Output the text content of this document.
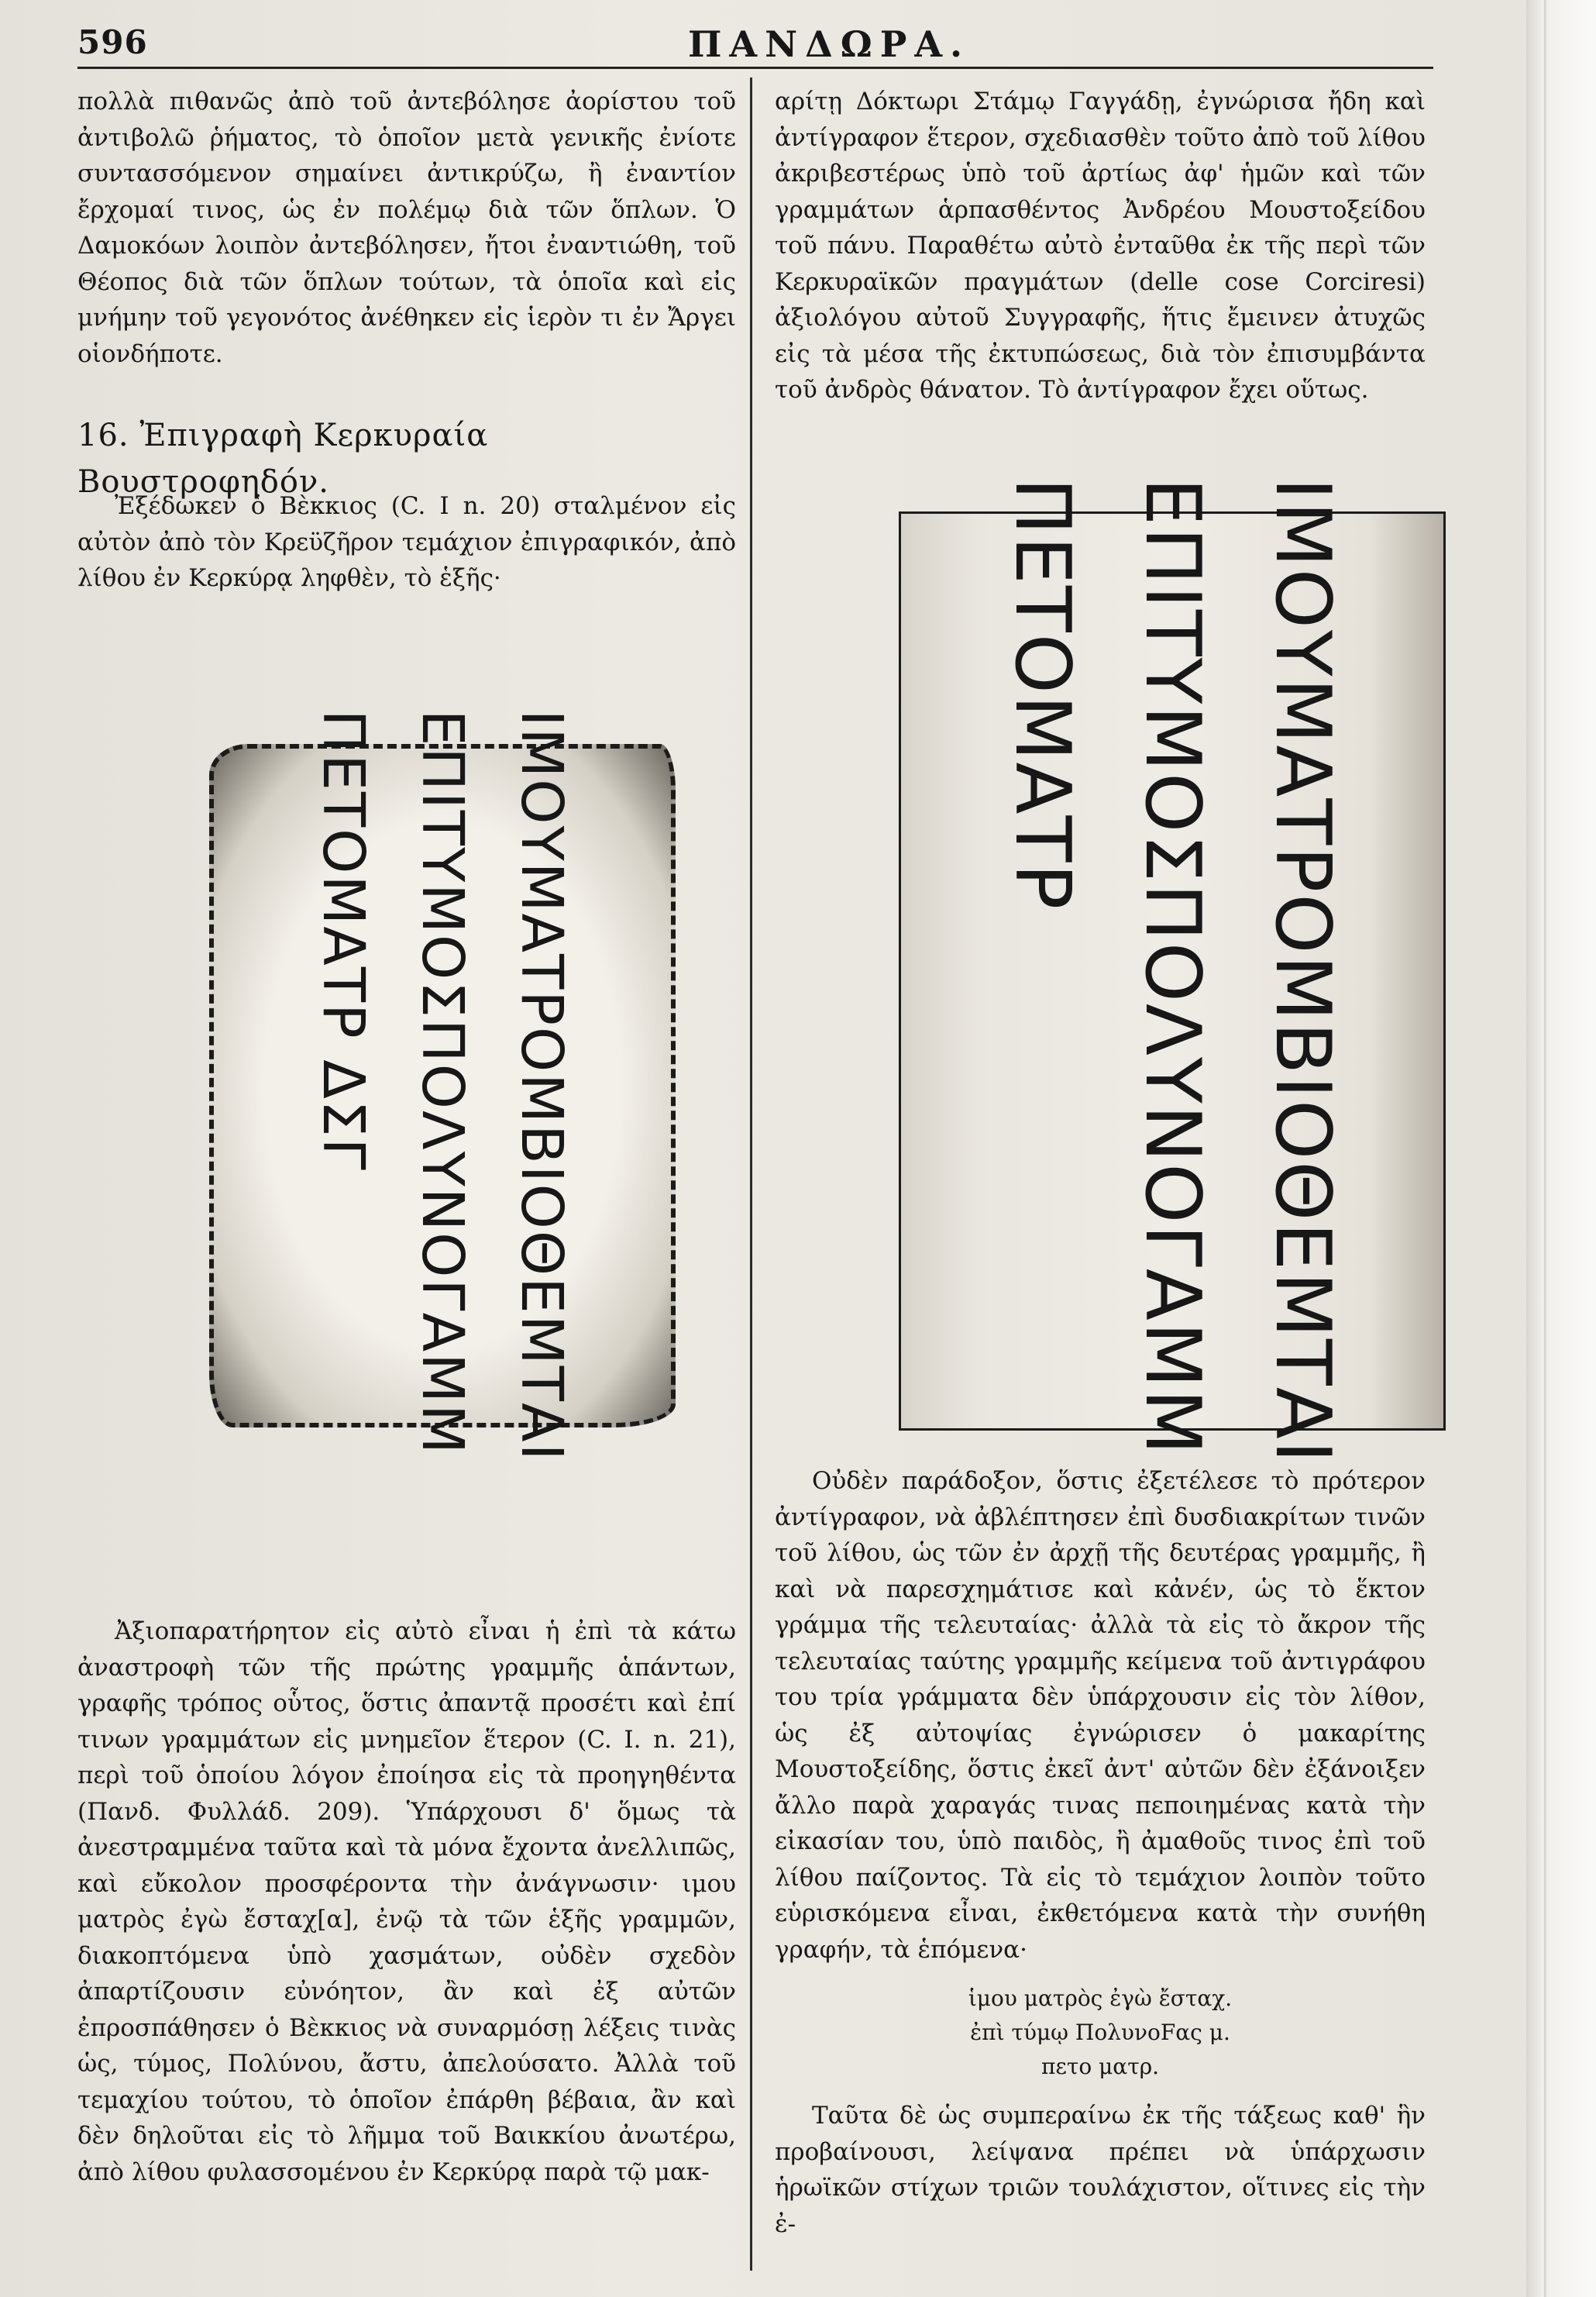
596	ΠΑΝΔΩΡΑ.

πολλὰ πιθανῶς ἀπὸ τοῦ ἀντεβόλησε ἀορίστου τοῦ ἀντιβολῶ ῥήματος, τὸ ὁποῖον μετὰ γενικῆς ἐνίοτε συντασσόμενον σημαίνει ἀντικρύζω, ἢ ἐναντίον ἔρχομαί τινος, ὡς ἐν πολέμῳ διὰ τῶν ὅπλων. Ὁ Δαμοκόων λοιπὸν ἀντεβόλησεν, ἤτοι ἐναντιώθη, τοῦ Θέοπος διὰ τῶν ὅπλων τούτων, τὰ ὁποῖα καὶ εἰς μνήμην τοῦ γεγονότος ἀνέθηκεν εἰς ἱερὸν τι ἐν Ἄργει οἱονδήποτε.

16. Ἐπιγραφὴ Κερκυραία Βουστροφηδόν.

Ἐξέδωκεν ὁ Βὲκκιος (C. I n. 20) σταλμένον εἰς αὐτὸν ἀπὸ τὸν Κρεϋζῆρον τεμάχιον ἐπιγραφικόν, ἀπὸ λίθου ἐν Κερκύρᾳ ληφθὲν, τὸ ἑξῆς·

ΙΜΟΥΜΑΤΡΟΜΒΙΟΘΕΜΤΑΙ
ΕΠΙΤΥΜΟΣΠΟΛΥΝΟΓΑΜΜ
ΠΕΤΟΜΑΤΡ ΔΣΓ

Ἀξιοπαρατήρητον εἰς αὐτὸ εἶναι ἡ ἐπὶ τὰ κάτω ἀναστροφὴ τῶν τῆς πρώτης γραμμῆς ἁπάντων, γραφῆς τρόπος οὗτος, ὅστις ἀπαντᾷ προσέτι καὶ ἐπί τινων γραμμάτων εἰς μνημεῖον ἕτερον (C. I. n. 21), περὶ τοῦ ὁποίου λόγον ἐποίησα εἰς τὰ προηγηθέντα (Πανδ. Φυλλάδ. 209). Ὑπάρχουσι δ' ὅμως τὰ ἀνεστραμμένα ταῦτα καὶ τὰ μόνα ἔχοντα ἀνελλιπῶς, καὶ εὔκολον προσφέροντα τὴν ἀνάγνωσιν· ιμου ματρὸς ἐγὼ ἔσταχ[α], ἐνῷ τὰ τῶν ἑξῆς γραμμῶν, διακοπτόμενα ὑπὸ χασμάτων, οὐδὲν σχεδὸν ἀπαρτίζουσιν εὐνόητον, ἂν καὶ ἐξ αὐτῶν ἐπροσπάθησεν ὁ Βὲκκιος νὰ συναρμόσῃ λέξεις τινὰς ὡς, τύμος, Πολύνου, ἄστυ, ἀπελούσατο. Ἀλλὰ τοῦ τεμαχίου τούτου, τὸ ὁποῖον ἐπάρθη βέβαια, ἂν καὶ δὲν δηλοῦται εἰς τὸ λῆμμα τοῦ Βαικκίου ἀνωτέρω, ἀπὸ λίθου φυλασσομένου ἐν Κερκύρᾳ παρὰ τῷ μακ-

αρίτῃ Δόκτωρι Στάμῳ Γαγγάδῃ, ἐγνώρισα ἤδη καὶ ἀντίγραφον ἕτερον, σχεδιασθὲν τοῦτο ἀπὸ τοῦ λίθου ἀκριβεστέρως ὑπὸ τοῦ ἀρτίως ἀφ' ἡμῶν καὶ τῶν γραμμάτων ἁρπασθέντος Ἀνδρέου Μουστοξείδου τοῦ πάνυ. Παραθέτω αὐτὸ ἐνταῦθα ἐκ τῆς περὶ τῶν Κερκυραϊκῶν πραγμάτων (delle cose Corciresi) ἀξιολόγου αὐτοῦ Συγγραφῆς, ἥτις ἔμεινεν ἀτυχῶς εἰς τὰ μέσα τῆς ἐκτυπώσεως, διὰ τὸν ἐπισυμβάντα τοῦ ἀνδρὸς θάνατον. Τὸ ἀντίγραφον ἔχει οὕτως.

ΙΜΟΥΜΑΤΡΟΜΒΙΟΘΕΜΤΑΙ
ΕΠΙΤΥΜΟΣΠΟΛΥΝΟΓΑΜΜ
ΠΕΤΟΜΑΤΡ

Οὐδὲν παράδοξον, ὅστις ἐξετέλεσε τὸ πρότερον ἀντίγραφον, νὰ ἀβλέπτησεν ἐπὶ δυσδιακρίτων τινῶν τοῦ λίθου, ὡς τῶν ἐν ἀρχῇ τῆς δευτέρας γραμμῆς, ἢ καὶ νὰ παρεσχημάτισε καὶ κἀνέν, ὡς τὸ ἕκτον γράμμα τῆς τελευταίας· ἀλλὰ τὰ εἰς τὸ ἄκρον τῆς τελευταίας ταύτης γραμμῆς κείμενα τοῦ ἀντιγράφου του τρία γράμματα δὲν ὑπάρχουσιν εἰς τὸν λίθον, ὡς ἐξ αὐτοψίας ἐγνώρισεν ὁ μακαρίτης Μουστοξείδης, ὅστις ἐκεῖ ἀντ' αὐτῶν δὲν ἐξάνοιξεν ἄλλο παρὰ χαραγάς τινας πεποιημένας κατὰ τὴν εἰκασίαν του, ὑπὸ παιδὸς, ἢ ἀμαθοῦς τινος ἐπὶ τοῦ λίθου παίζοντος. Τὰ εἰς τὸ τεμάχιον λοιπὸν τοῦτο εὑρισκόμενα εἶναι, ἐκθετόμενα κατὰ τὴν συνήθη γραφήν, τὰ ἑπόμενα·

ἱμου ματρὸς ἐγὼ ἔσταχ.
ἐπὶ τύμῳ ΠολυνοFας μ.
πετο ματρ.

Ταῦτα δὲ ὡς συμπεραίνω ἐκ τῆς τάξεως καθ' ἣν προβαίνουσι, λείψανα πρέπει νὰ ὑπάρχωσιν ἡρωϊκῶν στίχων τριῶν τουλάχιστον, οἵτινες εἰς τὴν ἐ-
